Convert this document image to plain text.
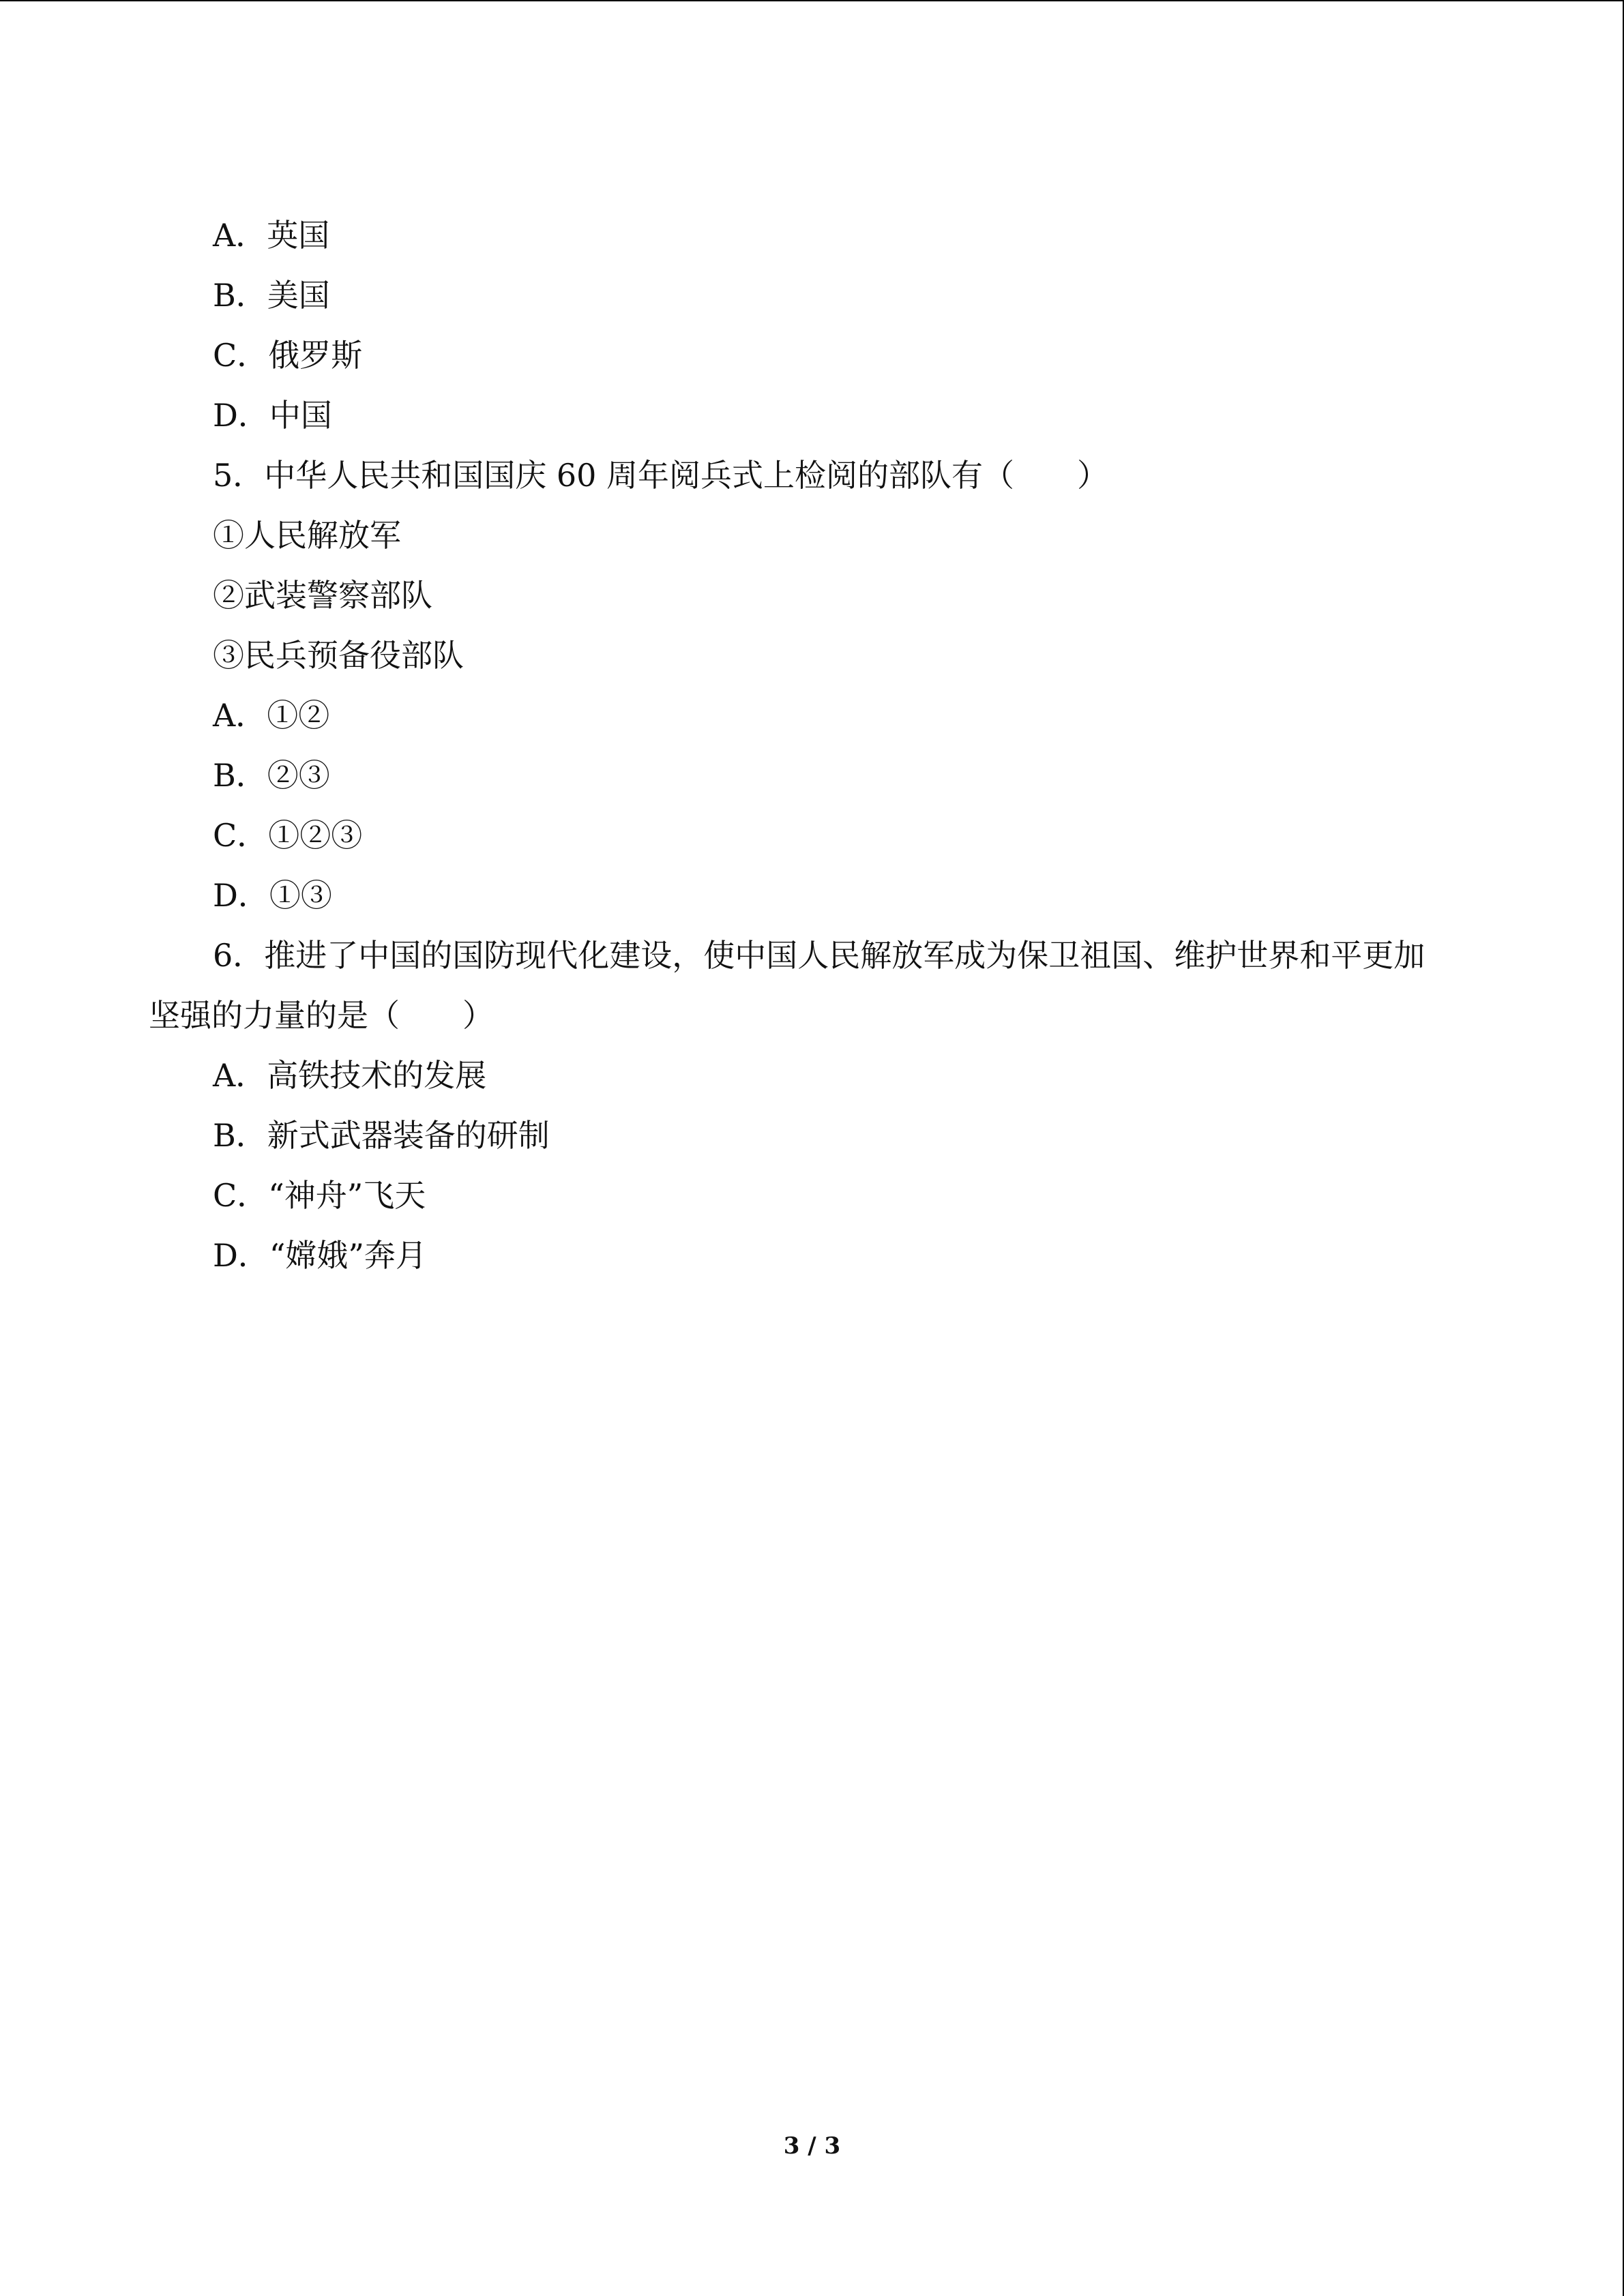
A．英国
B．美国
C．俄罗斯
D．中国
5．中华人民共和国国庆 60 周年阅兵式上检阅的部队有（　　）
①人民解放军
②武装警察部队
③民兵预备役部队
A．①②
B．②③
C．①②③
D．①③
6．推进了中国的国防现代化建设，使中国人民解放军成为保卫祖国、维护世界和平更加
坚强的力量的是（　　）
A．高铁技术的发展
B．新式武器装备的研制
C．“神舟”飞天
D．“嫦娥”奔月
3 / 3
